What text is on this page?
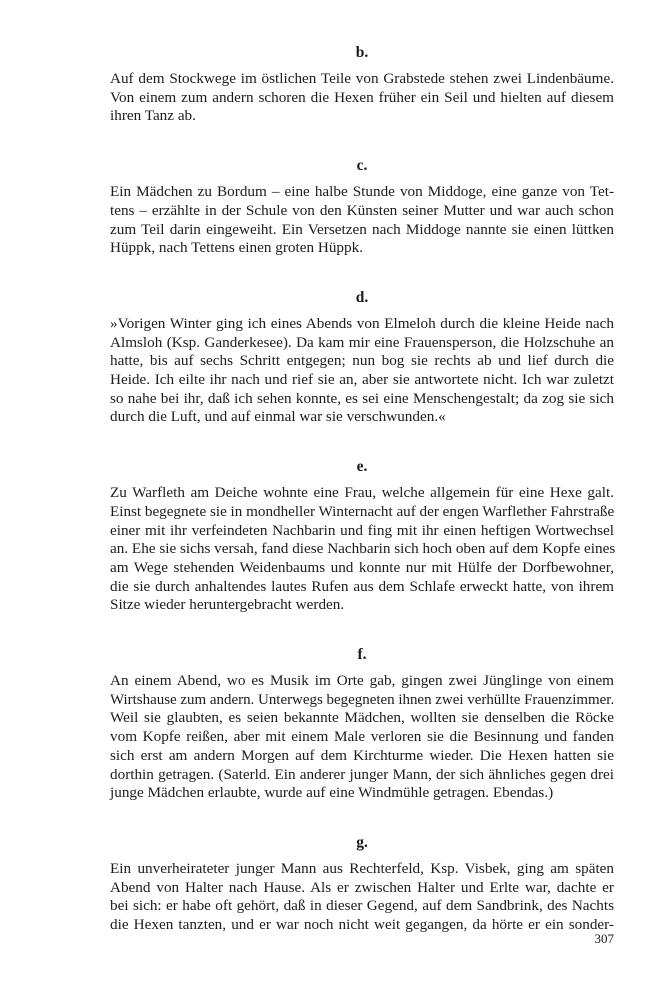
b.

Auf dem Stockwege im östlichen Teile von Grabstede stehen zwei Lindenbäume.
Von einem zum andern schoren die Hexen früher ein Seil und hielten auf diesem
ihren Tanz ab.

c.

Ein Mädchen zu Bordum – eine halbe Stunde von Middoge, eine ganze von Tet-
tens – erzählte in der Schule von den Künsten seiner Mutter und war auch schon
zum Teil darin eingeweiht. Ein Versetzen nach Middoge nannte sie einen lüttken
Hüppk, nach Tettens einen groten Hüppk.

d.

»Vorigen Winter ging ich eines Abends von Elmeloh durch die kleine Heide nach
Almsloh (Ksp. Ganderkesee). Da kam mir eine Frauensperson, die Holzschuhe an
hatte, bis auf sechs Schritt entgegen; nun bog sie rechts ab und lief durch die
Heide. Ich eilte ihr nach und rief sie an, aber sie antwortete nicht. Ich war zuletzt
so nahe bei ihr, daß ich sehen konnte, es sei eine Menschengestalt; da zog sie sich
durch die Luft, und auf einmal war sie verschwunden.«

e.

Zu Warfleth am Deiche wohnte eine Frau, welche allgemein für eine Hexe galt.
Einst begegnete sie in mondheller Winternacht auf der engen Warflether Fahrstraße
einer mit ihr verfeindeten Nachbarin und fing mit ihr einen heftigen Wortwechsel
an. Ehe sie sichs versah, fand diese Nachbarin sich hoch oben auf dem Kopfe eines
am Wege stehenden Weidenbaums und konnte nur mit Hülfe der Dorfbewohner,
die sie durch anhaltendes lautes Rufen aus dem Schlafe erweckt hatte, von ihrem
Sitze wieder heruntergebracht werden.

f.

An einem Abend, wo es Musik im Orte gab, gingen zwei Jünglinge von einem
Wirtshause zum andern. Unterwegs begegneten ihnen zwei verhüllte Frauenzimmer.
Weil sie glaubten, es seien bekannte Mädchen, wollten sie denselben die Röcke
vom Kopfe reißen, aber mit einem Male verloren sie die Besinnung und fanden
sich erst am andern Morgen auf dem Kirchturme wieder. Die Hexen hatten sie
dorthin getragen. (Saterld. Ein anderer junger Mann, der sich ähnliches gegen drei
junge Mädchen erlaubte, wurde auf eine Windmühle getragen. Ebendas.)

g.

Ein unverheirateter junger Mann aus Rechterfeld, Ksp. Visbek, ging am späten
Abend von Halter nach Hause. Als er zwischen Halter und Erlte war, dachte er
bei sich: er habe oft gehört, daß in dieser Gegend, auf dem Sandbrink, des Nachts
die Hexen tanzten, und er war noch nicht weit gegangen, da hörte er ein sonder-

307
